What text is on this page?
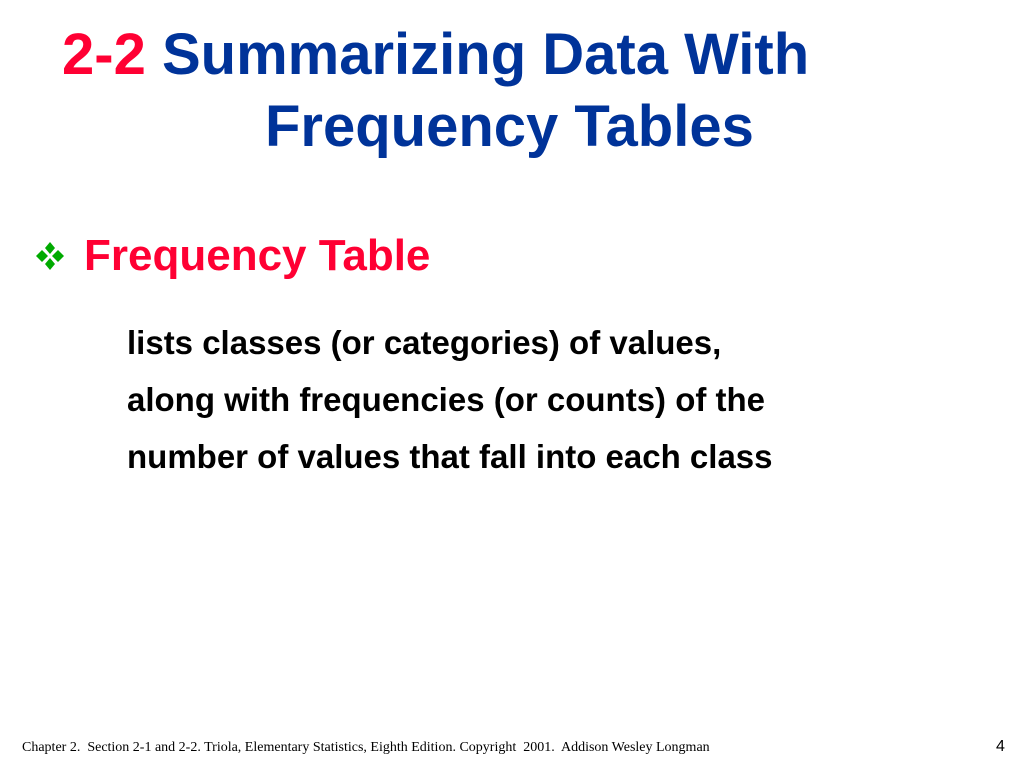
2-2 Summarizing Data With
Frequency Tables
Frequency Table
lists classes (or categories) of values,
along with frequencies (or counts) of the
number of values that fall into each class
Chapter 2.  Section 2-1 and 2-2. Triola, Elementary Statistics, Eighth Edition. Copyright  2001.  Addison Wesley Longman	4
